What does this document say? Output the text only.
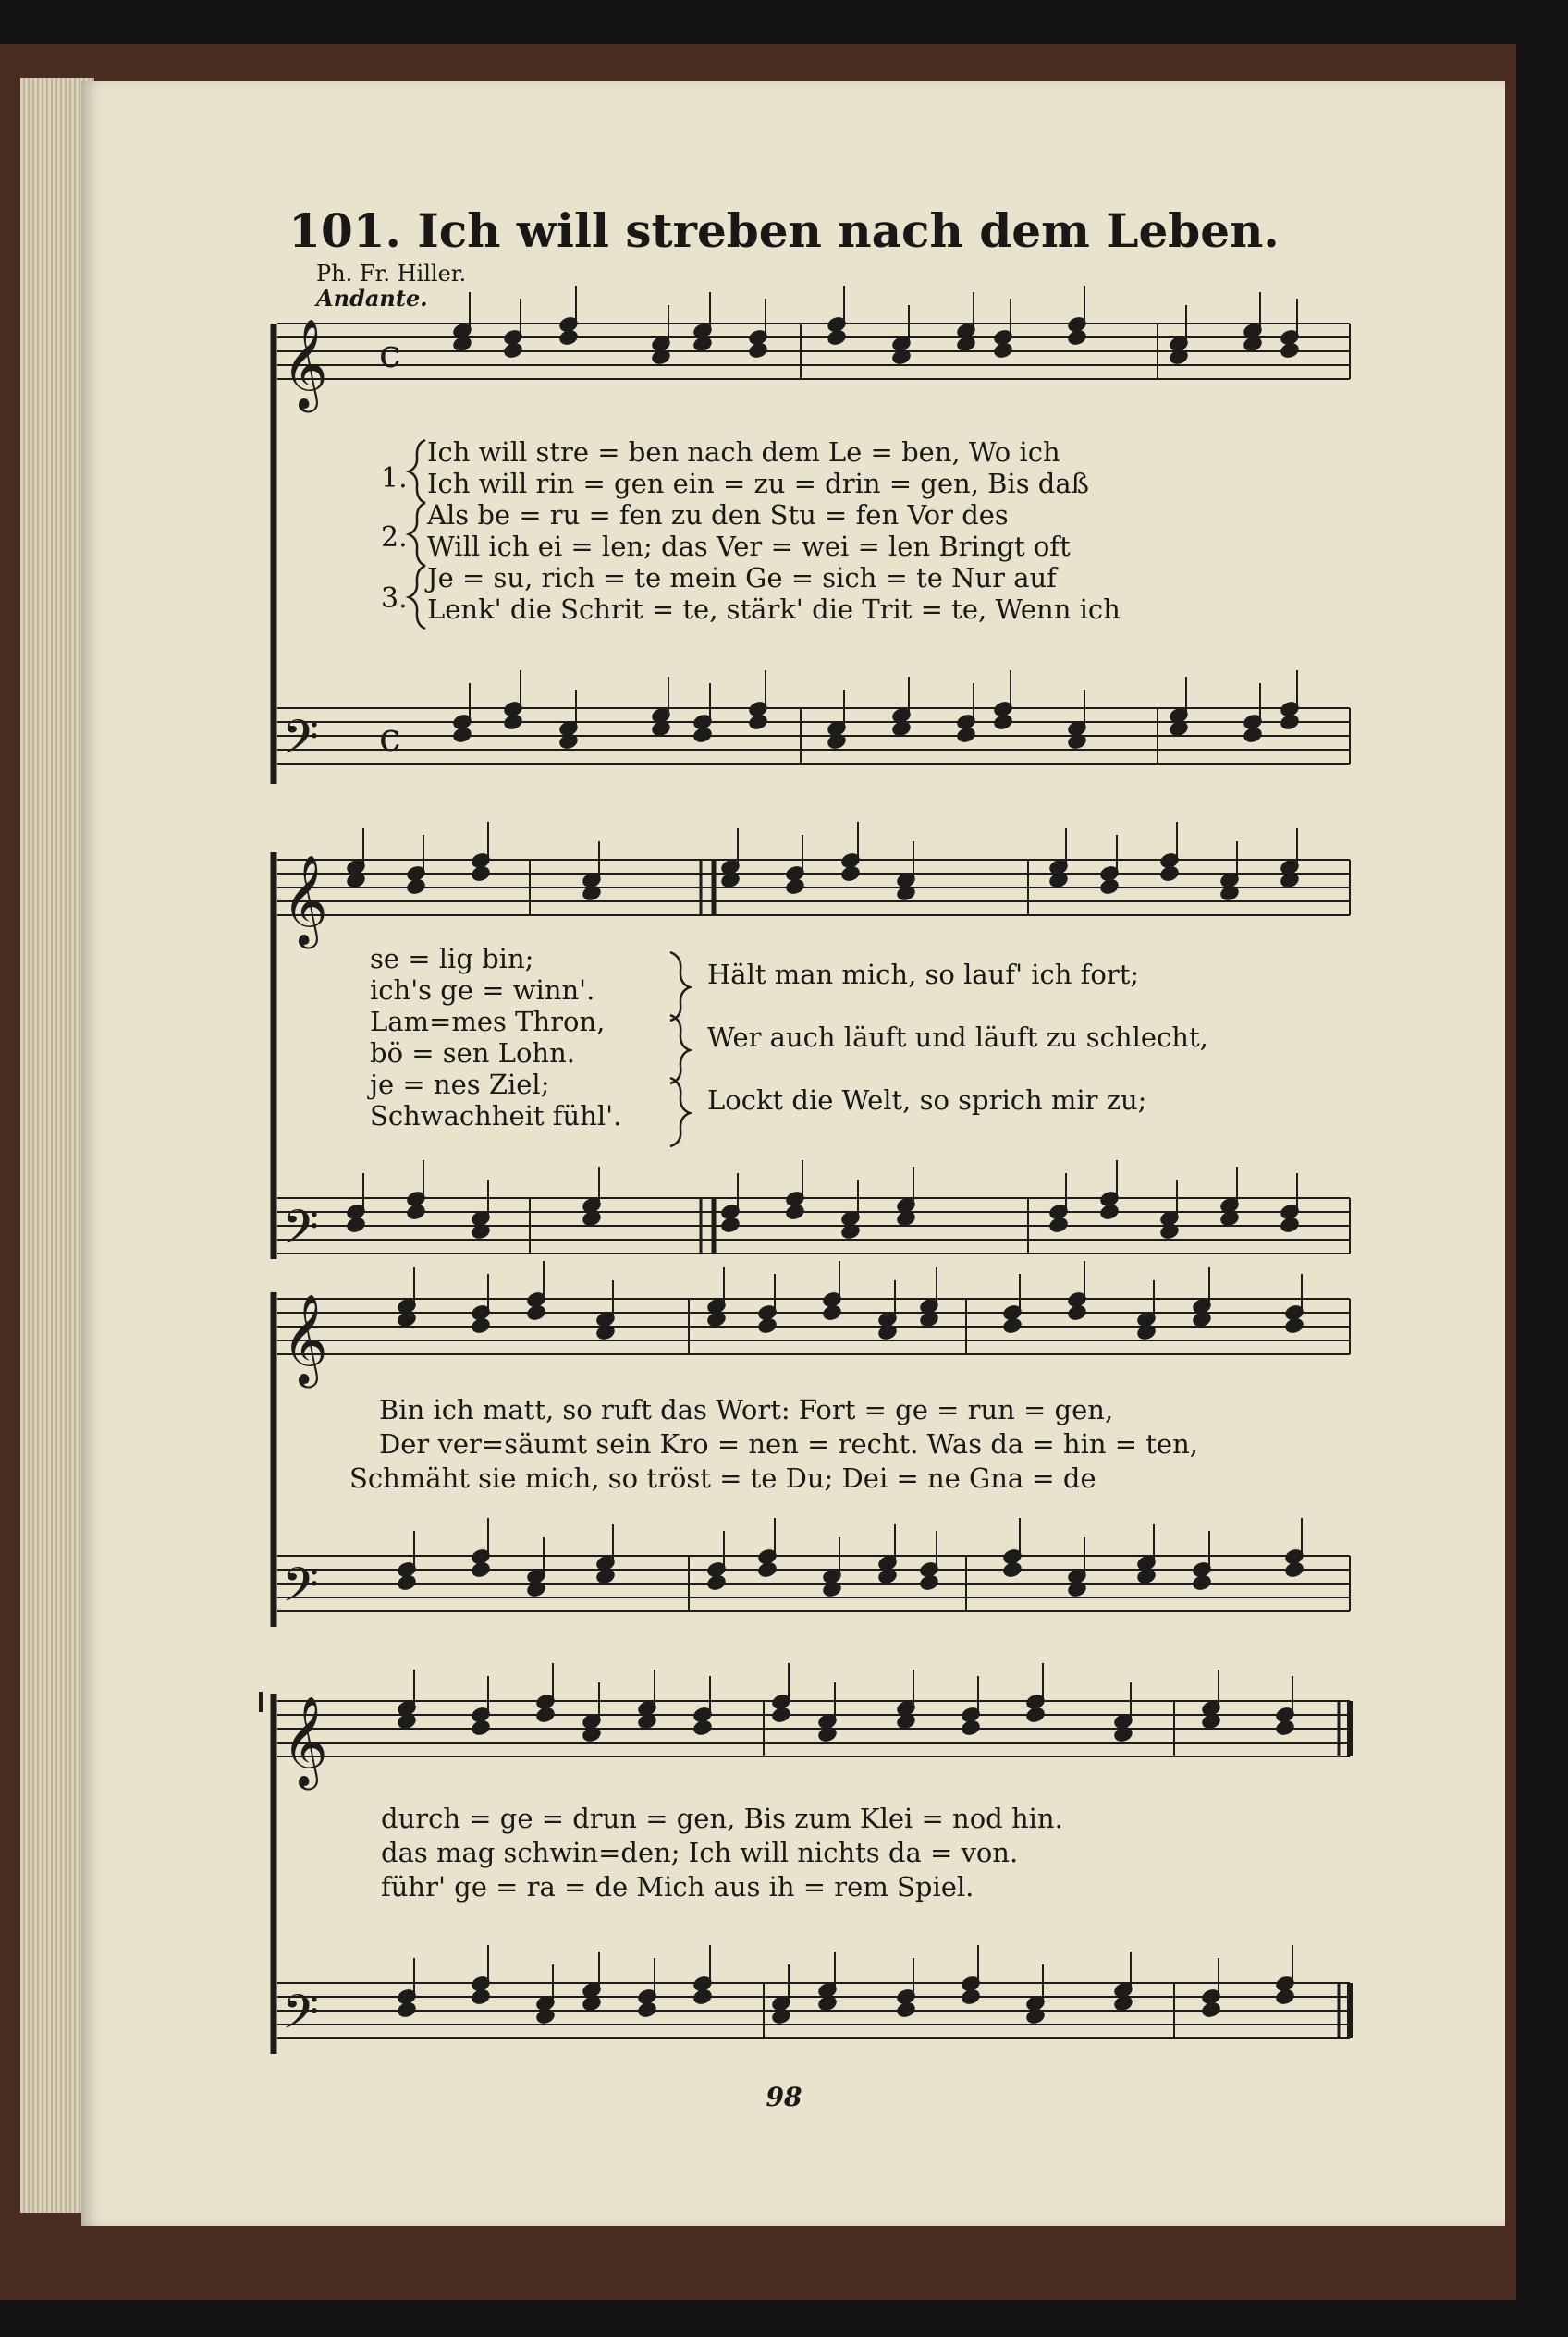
101. Ich will streben nach dem Leben.
Ph. Fr. Hiller.
Andante.
𝄞
𝄢
𝄞
𝄢
𝄞
𝄢
𝄞
𝄢
c
c
1.
2.
3.
Ich will stre = ben nach dem Le = ben, Wo ich
Ich will rin = gen ein = zu = drin = gen, Bis daß
Als be = ru = fen zu den Stu = fen Vor des
Will ich ei = len; das Ver = wei = len Bringt oft
Je = su, rich = te mein Ge = sich = te Nur auf
Lenk' die Schrit = te, stärk' die Trit = te, Wenn ich
se = lig bin;
ich's ge = winn'.
Lam=mes Thron,
bö = sen Lohn.
je = nes Ziel;
Schwachheit fühl'.
Hält man mich, so lauf' ich fort;
Wer auch läuft und läuft zu schlecht,
Lockt die Welt, so sprich mir zu;
Bin ich matt, so ruft das Wort: Fort = ge = run = gen,
Der ver=säumt sein Kro = nen = recht. Was da = hin = ten,
Schmäht sie mich, so tröst = te Du; Dei = ne Gna = de
durch = ge = drun = gen, Bis zum Klei = nod hin.
das mag schwin=den; Ich will nichts da = von.
führ' ge = ra = de Mich aus ih = rem Spiel.
98
